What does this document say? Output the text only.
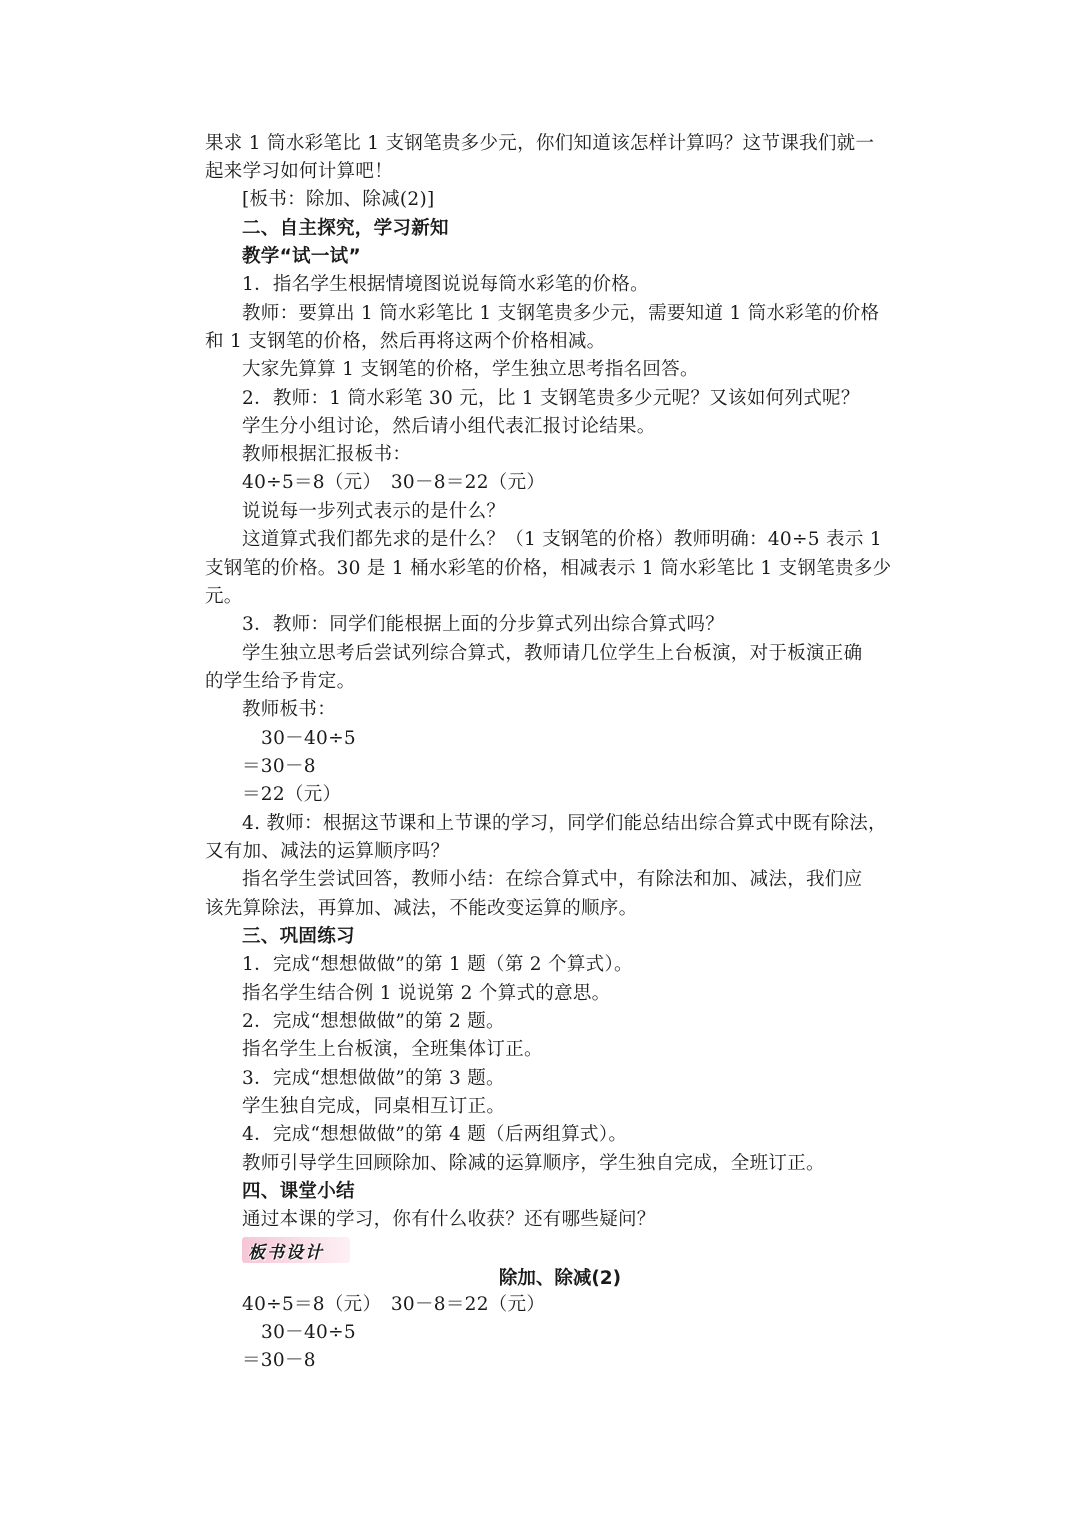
果求 1 筒水彩笔比 1 支钢笔贵多少元，你们知道该怎样计算吗？这节课我们就一
起来学习如何计算吧！
[板书：除加、除减(2)]
二、自主探究，学习新知
教学“试一试”
1．指名学生根据情境图说说每筒水彩笔的价格。
教师：要算出 1 筒水彩笔比 1 支钢笔贵多少元，需要知道 1 筒水彩笔的价格
和 1 支钢笔的价格，然后再将这两个价格相减。
大家先算算 1 支钢笔的价格，学生独立思考指名回答。
2．教师：1 筒水彩笔 30 元，比 1 支钢笔贵多少元呢？又该如何列式呢？
学生分小组讨论，然后请小组代表汇报讨论结果。
教师根据汇报板书：
40÷5＝8（元）　30－8＝22（元）
说说每一步列式表示的是什么？
这道算式我们都先求的是什么？（1 支钢笔的价格）教师明确：40÷5 表示 1
支钢笔的价格。30 是 1 桶水彩笔的价格，相减表示 1 筒水彩笔比 1 支钢笔贵多少
元。
3．教师：同学们能根据上面的分步算式列出综合算式吗？
学生独立思考后尝试列综合算式，教师请几位学生上台板演，对于板演正确
的学生给予肯定。
教师板书：
30－40÷5
＝30－8
＝22（元）
4. 教师：根据这节课和上节课的学习，同学们能总结出综合算式中既有除法，
又有加、减法的运算顺序吗？
指名学生尝试回答，教师小结：在综合算式中，有除法和加、减法，我们应
该先算除法，再算加、减法，不能改变运算的顺序。
三、巩固练习
1．完成“想想做做”的第 1 题（第 2 个算式）。
指名学生结合例 1 说说第 2 个算式的意思。
2．完成“想想做做”的第 2 题。
指名学生上台板演，全班集体订正。
3．完成“想想做做”的第 3 题。
学生独自完成，同桌相互订正。
4．完成“想想做做”的第 4 题（后两组算式）。
教师引导学生回顾除加、除减的运算顺序，学生独自完成，全班订正。
四、课堂小结
通过本课的学习，你有什么收获？还有哪些疑问？
板书设计
除加、除减(2)
40÷5＝8（元）　30－8＝22（元）
30－40÷5
＝30－8
